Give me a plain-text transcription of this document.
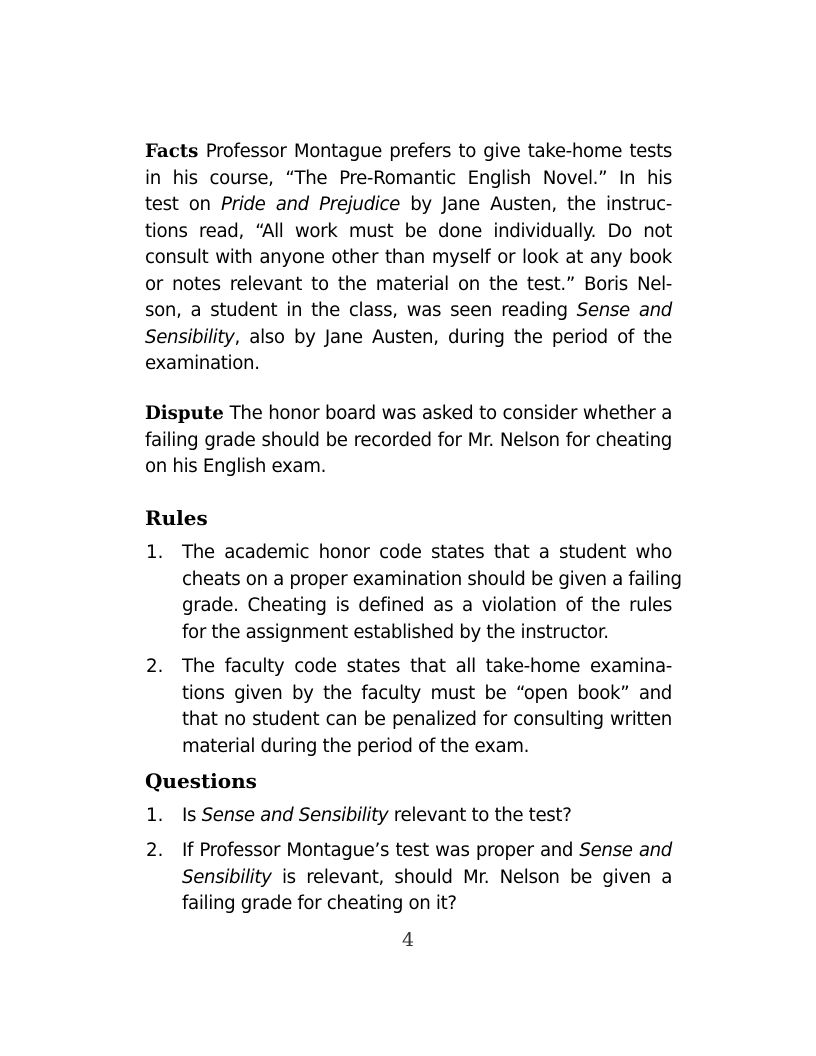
Facts Professor Montague prefers to give take-home tests
in his course, “The Pre-Romantic English Novel.” In his
test on Pride and Prejudice by Jane Austen, the instruc-
tions read, “All work must be done individually. Do not
consult with anyone other than myself or look at any book
or notes relevant to the material on the test.” Boris Nel-
son, a student in the class, was seen reading Sense and
Sensibility, also by Jane Austen, during the period of the
examination.
Dispute The honor board was asked to consider whether a
failing grade should be recorded for Mr. Nelson for cheating
on his English exam.
Rules
1. The academic honor code states that a student who
cheats on a proper examination should be given a failing
grade. Cheating is defined as a violation of the rules
for the assignment established by the instructor.
2. The faculty code states that all take-home examina-
tions given by the faculty must be “open book” and
that no student can be penalized for consulting written
material during the period of the exam.
Questions
1. Is Sense and Sensibility relevant to the test?
2. If Professor Montague’s test was proper and Sense and
Sensibility is relevant, should Mr. Nelson be given a
failing grade for cheating on it?
4
